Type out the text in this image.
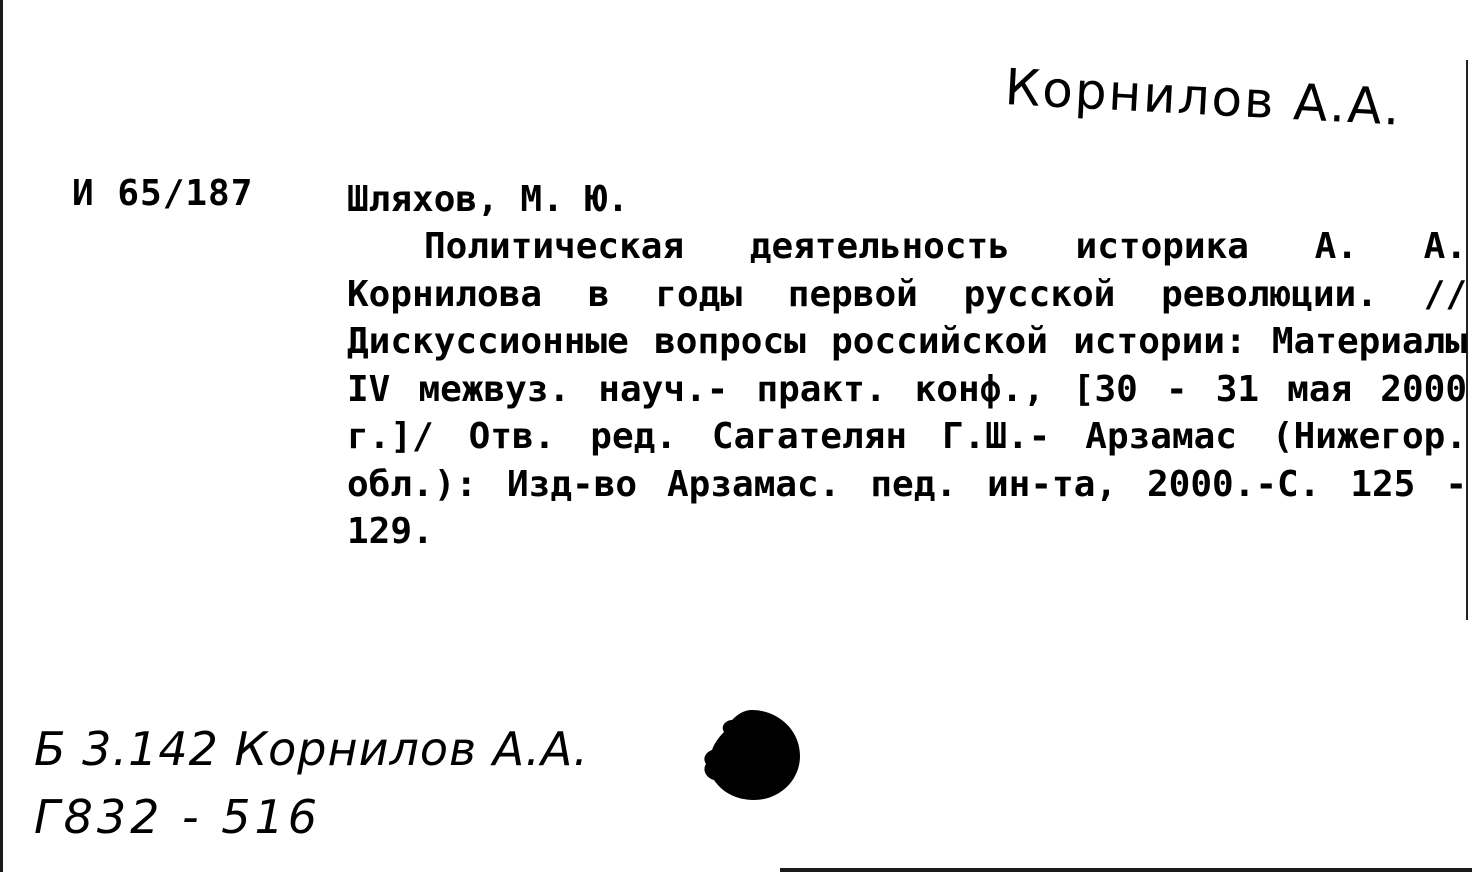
Корнилов А.А.
И 65/187	Шляхов, М. Ю.

Политическая деятельность историка А. А. Корнилова в годы первой русской революции. // Дискуссионные вопросы российской истории: Материалы IV межвуз. науч.- практ. конф., [30 - 31 мая 2000 г.]/ Отв. ред. Сагателян Г.Ш.- Арзамас (Нижегор. обл.): Изд-во Арзамас. пед. ин-та, 2000.-С. 125 - 129.

Б 3.142 Корнилов А.А.
Г832 - 516
